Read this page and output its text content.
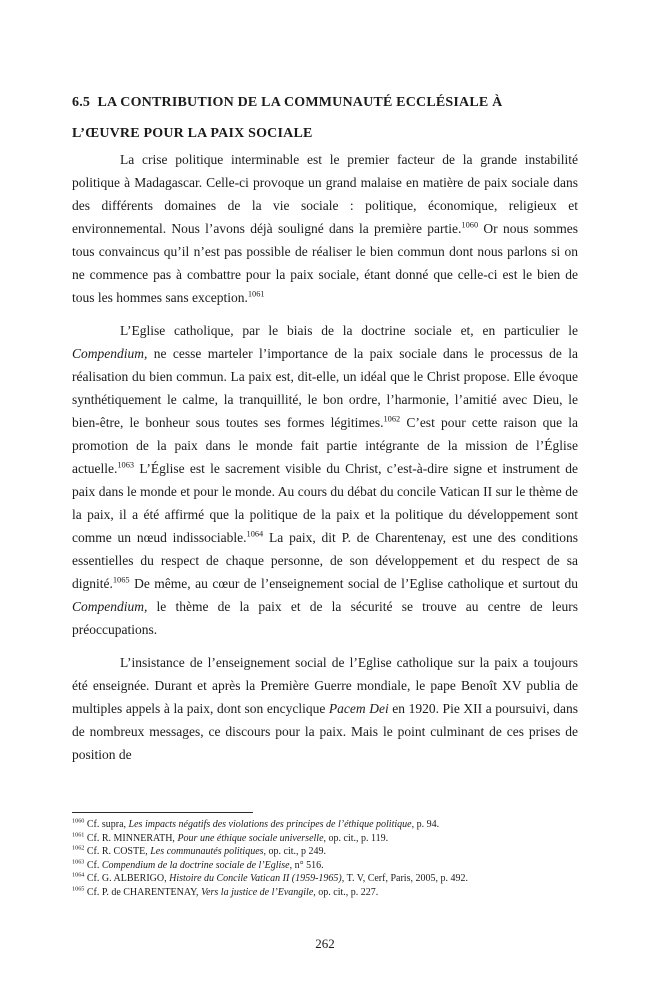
6.5  LA CONTRIBUTION DE LA COMMUNAUTÉ ECCLÉSIALE À
L’ŒUVRE POUR LA PAIX SOCIALE

La crise politique interminable est le premier facteur de la grande instabilité politique à Madagascar. Celle-ci provoque un grand malaise en matière de paix sociale dans des différents domaines de la vie sociale : politique, économique, religieux et environnemental. Nous l’avons déjà souligné dans la première partie.$^{1060}$ Or nous sommes tous convaincus qu’il n’est pas possible de réaliser le bien commun dont nous parlons si on ne commence pas à combattre pour la paix sociale, étant donné que celle-ci est le bien de tous les hommes sans exception.$^{1061}$

L’Eglise catholique, par le biais de la doctrine sociale et, en particulier le Compendium, ne cesse marteler l’importance de la paix sociale dans le processus de la réalisation du bien commun. La paix est, dit-elle, un idéal que le Christ propose. Elle évoque synthétiquement le calme, la tranquillité, le bon ordre, l’harmonie, l’amitié avec Dieu, le bien-être, le bonheur sous toutes ses formes légitimes.$^{1062}$ C’est pour cette raison que la promotion de la paix dans le monde fait partie intégrante de la mission de l’Église actuelle.$^{1063}$ L’Église est le sacrement visible du Christ, c’est-à-dire signe et instrument de paix dans le monde et pour le monde. Au cours du débat du concile Vatican II sur le thème de la paix, il a été affirmé que la politique de la paix et la politique du développement sont comme un nœud indissociable.$^{1064}$ La paix, dit P. de Charentenay, est une des conditions essentielles du respect de chaque personne, de son développement et du respect de sa dignité.$^{1065}$ De même, au cœur de l’enseignement social de l’Eglise catholique et surtout du Compendium, le thème de la paix et de la sécurité se trouve au centre de leurs préoccupations.

L’insistance de l’enseignement social de l’Eglise catholique sur la paix a toujours été enseignée. Durant et après la Première Guerre mondiale, le pape Benoît XV publia de multiples appels à la paix, dont son encyclique Pacem Dei en 1920. Pie XII a poursuivi, dans de nombreux messages, ce discours pour la paix. Mais le point culminant de ces prises de position de

$^{1060}$ Cf. supra, Les impacts négatifs des violations des principes de l’éthique politique, p. 94.
$^{1061}$ Cf. R. MINNERATH, Pour une éthique sociale universelle, op. cit., p. 119.
$^{1062}$ Cf. R. COSTE, Les communautés politiques, op. cit., p 249.
$^{1063}$ Cf. Compendium de la doctrine sociale de l’Eglise, n° 516.
$^{1064}$ Cf. G. ALBERIGO, Histoire du Concile Vatican II (1959-1965), T. V, Cerf, Paris, 2005, p. 492.
$^{1065}$ Cf. P. de CHARENTENAY, Vers la justice de l’Evangile, op. cit., p. 227.
262
